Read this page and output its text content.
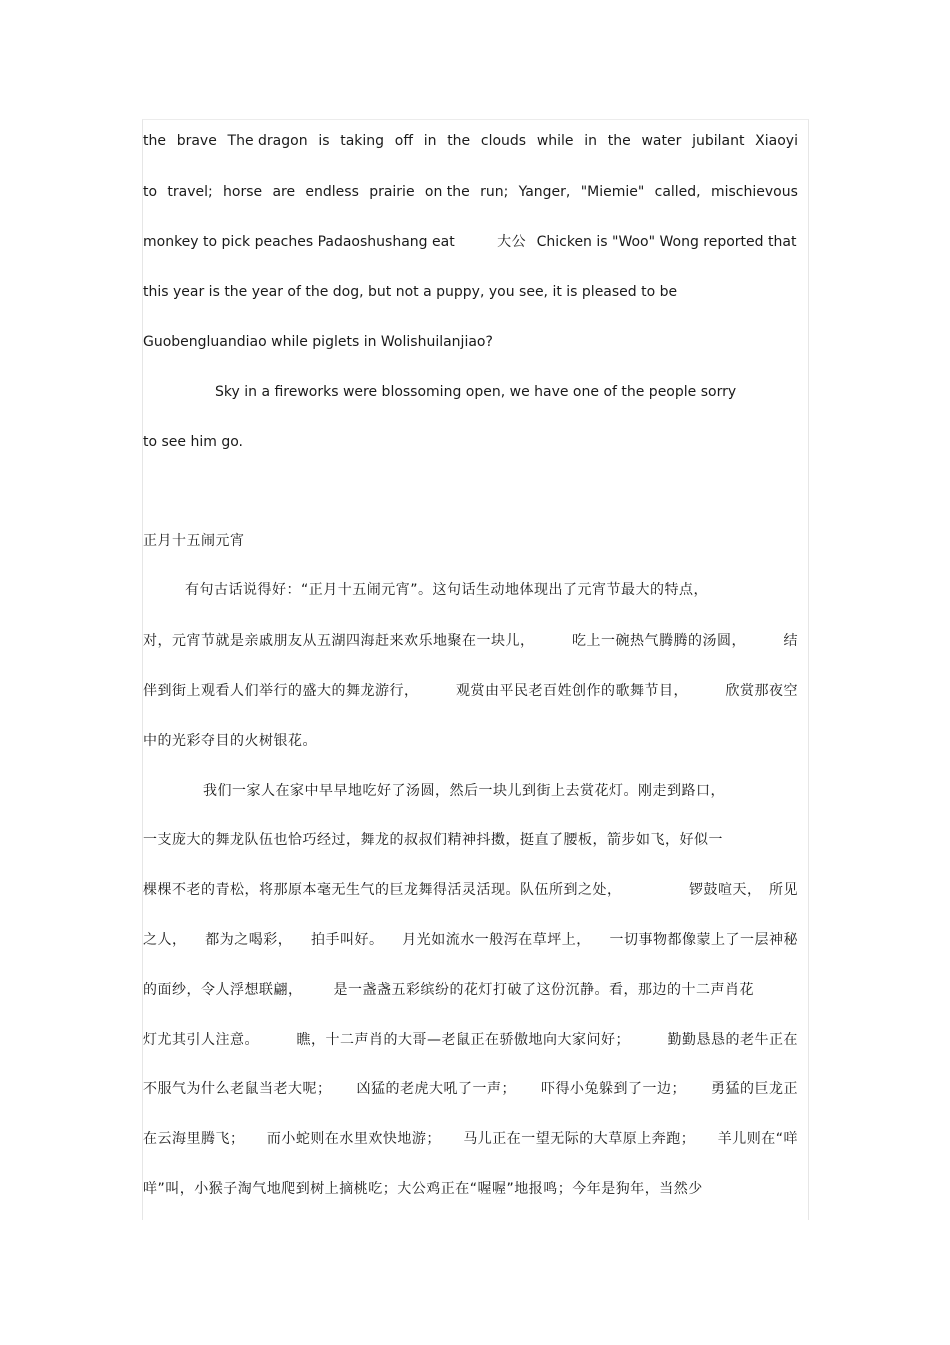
the brave The dragon is taking off in the clouds while in the water jubilant Xiaoyi
to travel; horse are endless prairie on the run; Yanger, "Miemie" called, mischievous
monkey to pick peaches Padaoshushang eat	大公 Chicken is "Woo" Wong reported that
this year is the year of the dog, but not a puppy, you see, it is pleased to be
Guobengluandiao while piglets in Wolishuilanjiao?
Sky in a fireworks were blossoming open, we have one of the people sorry
to see him go.
正月十五闹元宵
有句古话说得好：“正月十五闹元宵”。这句话生动地体现出了元宵节最大的特点，
对，元宵节就是亲戚朋友从五湖四海赶来欢乐地聚在一块儿，	吃上一碗热气腾腾的汤圆，	结
伴到街上观看人们举行的盛大的舞龙游行，	观赏由平民老百姓创作的歌舞节目，	欣赏那夜空
中的光彩夺目的火树银花。
我们一家人在家中早早地吃好了汤圆，然后一块儿到街上去赏花灯。刚走到路口，
一支庞大的舞龙队伍也恰巧经过，舞龙的叔叔们精神抖擞，挺直了腰板，箭步如飞，好似一
棵棵不老的青松，将那原本毫无生气的巨龙舞得活灵活现。队伍所到之处，	锣鼓喧天， 所见
之人， 都为之喝彩， 拍手叫好。 月光如流水一般泻在草坪上， 一切事物都像蒙上了一层神秘
的面纱，令人浮想联翩， 是一盏盏五彩缤纷的花灯打破了这份沉静。看，那边的十二声肖花
灯尤其引人注意。	瞧，十二声肖的大哥—老鼠正在骄傲地向大家问好；	勤勤恳恳的老牛正在
不服气为什么老鼠当老大呢； 凶猛的老虎大吼了一声； 吓得小兔躲到了一边； 勇猛的巨龙正
在云海里腾飞； 而小蛇则在水里欢快地游； 马儿正在一望无际的大草原上奔跑； 羊儿则在“咩
咩”叫，小猴子淘气地爬到树上摘桃吃；大公鸡正在“喔喔”地报鸣；今年是狗年，当然少
